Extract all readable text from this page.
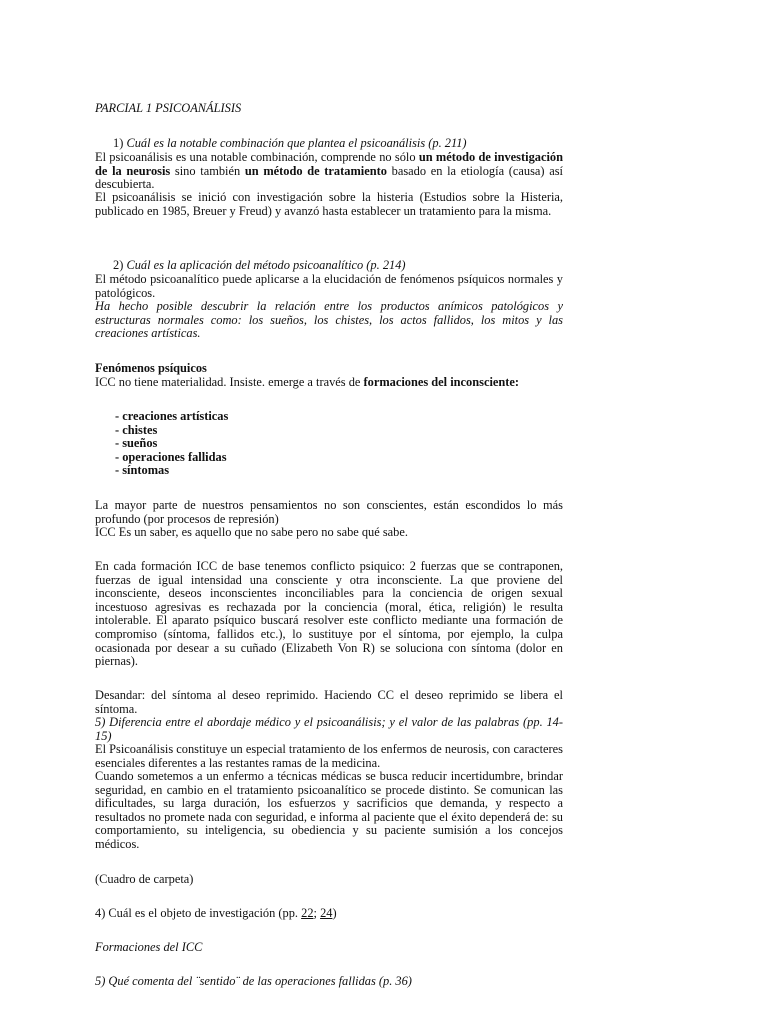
PARCIAL 1 PSICOANÁLISIS
1) Cuál es la notable combinación que plantea el psicoanálisis (p. 211)
El psicoanálisis es una notable combinación, comprende no sólo un método de investigación de la neurosis sino también un método de tratamiento basado en la etiología (causa) así descubierta.
El psicoanálisis se inició con investigación sobre la histeria (Estudios sobre la Histeria, publicado en 1985, Breuer y Freud) y avanzó hasta establecer un tratamiento para la misma.
2) Cuál es la aplicación del método psicoanalítico (p. 214)
El método psicoanalítico puede aplicarse a la elucidación de fenómenos psíquicos normales y patológicos.
Ha hecho posible descubrir la relación entre los productos anímicos patológicos y estructuras normales como: los sueños, los chistes, los actos fallidos, los mitos y las creaciones artísticas.
Fenómenos psíquicos
ICC no tiene materialidad. Insiste. emerge a través de formaciones del inconsciente:
- creaciones artísticas
- chistes
- sueños
- operaciones fallidas
- síntomas
La mayor parte de nuestros pensamientos no son conscientes, están escondidos lo más profundo (por procesos de represión)
ICC Es un saber, es aquello que no sabe pero no sabe qué sabe.
En cada formación ICC de base tenemos conflicto psiquico: 2 fuerzas que se contraponen, fuerzas de igual intensidad una consciente y otra inconsciente. La que proviene del inconsciente, deseos inconscientes inconciliables para la conciencia de origen sexual incestuoso agresivas es rechazada por la conciencia (moral, ética, religión) le resulta intolerable. El aparato psíquico buscará resolver este conflicto mediante una formación de compromiso (síntoma, fallidos etc.), lo sustituye por el síntoma, por ejemplo, la culpa ocasionada por desear a su cuñado (Elizabeth Von R) se soluciona con síntoma (dolor en piernas).
Desandar: del síntoma al deseo reprimido. Haciendo CC el deseo reprimido se libera el síntoma.
5) Diferencia entre el abordaje médico y el psicoanálisis; y el valor de las palabras (pp. 14-15)
El Psicoanálisis constituye un especial tratamiento de los enfermos de neurosis, con caracteres esenciales diferentes a las restantes ramas de la medicina.
Cuando sometemos a un enfermo a técnicas médicas se busca reducir incertidumbre, brindar seguridad, en cambio en el tratamiento psicoanalítico se procede distinto. Se comunican las dificultades, su larga duración, los esfuerzos y sacrificios que demanda, y respecto a resultados no promete nada con seguridad, e informa al paciente que el éxito dependerá de: su comportamiento, su inteligencia, su obediencia y su paciente sumisión a los concejos médicos.
(Cuadro de carpeta)
4) Cuál es el objeto de investigación (pp. 22; 24)
Formaciones del ICC
5) Qué comenta del ¨sentido¨ de las operaciones fallidas (p. 36)
